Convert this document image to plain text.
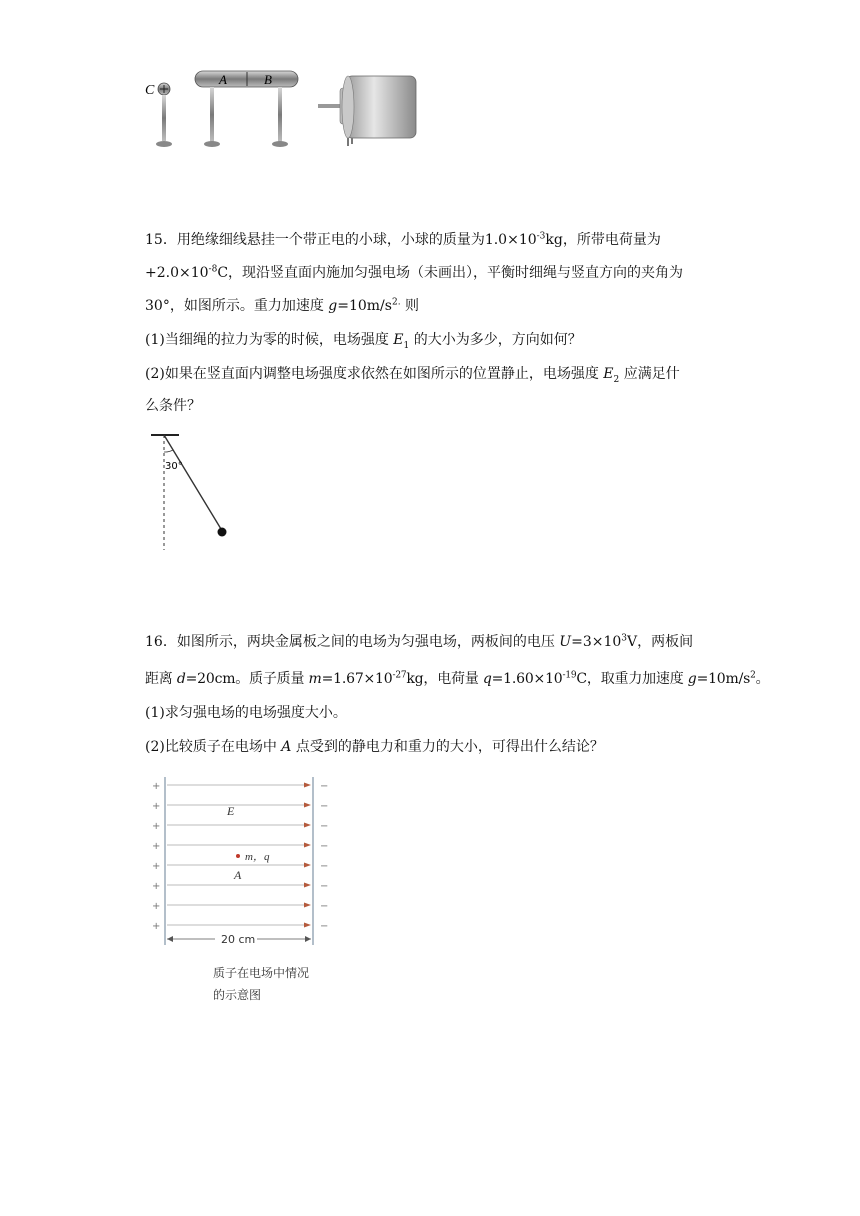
C
A	B
15．用绝缘细线悬挂一个带正电的小球，小球的质量为$1.0\times 10^{-3}kg$，所带电荷量为
$+2.0\times 10^{-8}C$，现沿竖直面内施加匀强电场（未画出），平衡时细绳与竖直方向的夹角为
30°，如图所示。重力加速度 $g=10m/s^{2.}$ 则
(1)当细绳的拉力为零的时候，电场强度 $E_1$ 的大小为多少，方向如何？
(2)如果在竖直面内调整电场强度求依然在如图所示的位置静止，电场强度 $E_2$ 应满足什
么条件？
30°
16．如图所示，两块金属板之间的电场为匀强电场，两板间的电压 $U=3\times 10^3V$，两板间
距离 d=20cm。质子质量 $m=1.67\times 10^{-27}kg$，电荷量 $q=1.60\times 10^{-19}C$，取重力加速度 $g=10m/s^2$。
(1)求匀强电场的电场强度大小。
(2)比较质子在电场中 A 点受到的静电力和重力的大小，可得出什么结论？
+
+
+
+
+
+
+
+
−
−
−
−
−
−
−
−
E
m，q
A
20 cm
质子在电场中情况
的示意图
